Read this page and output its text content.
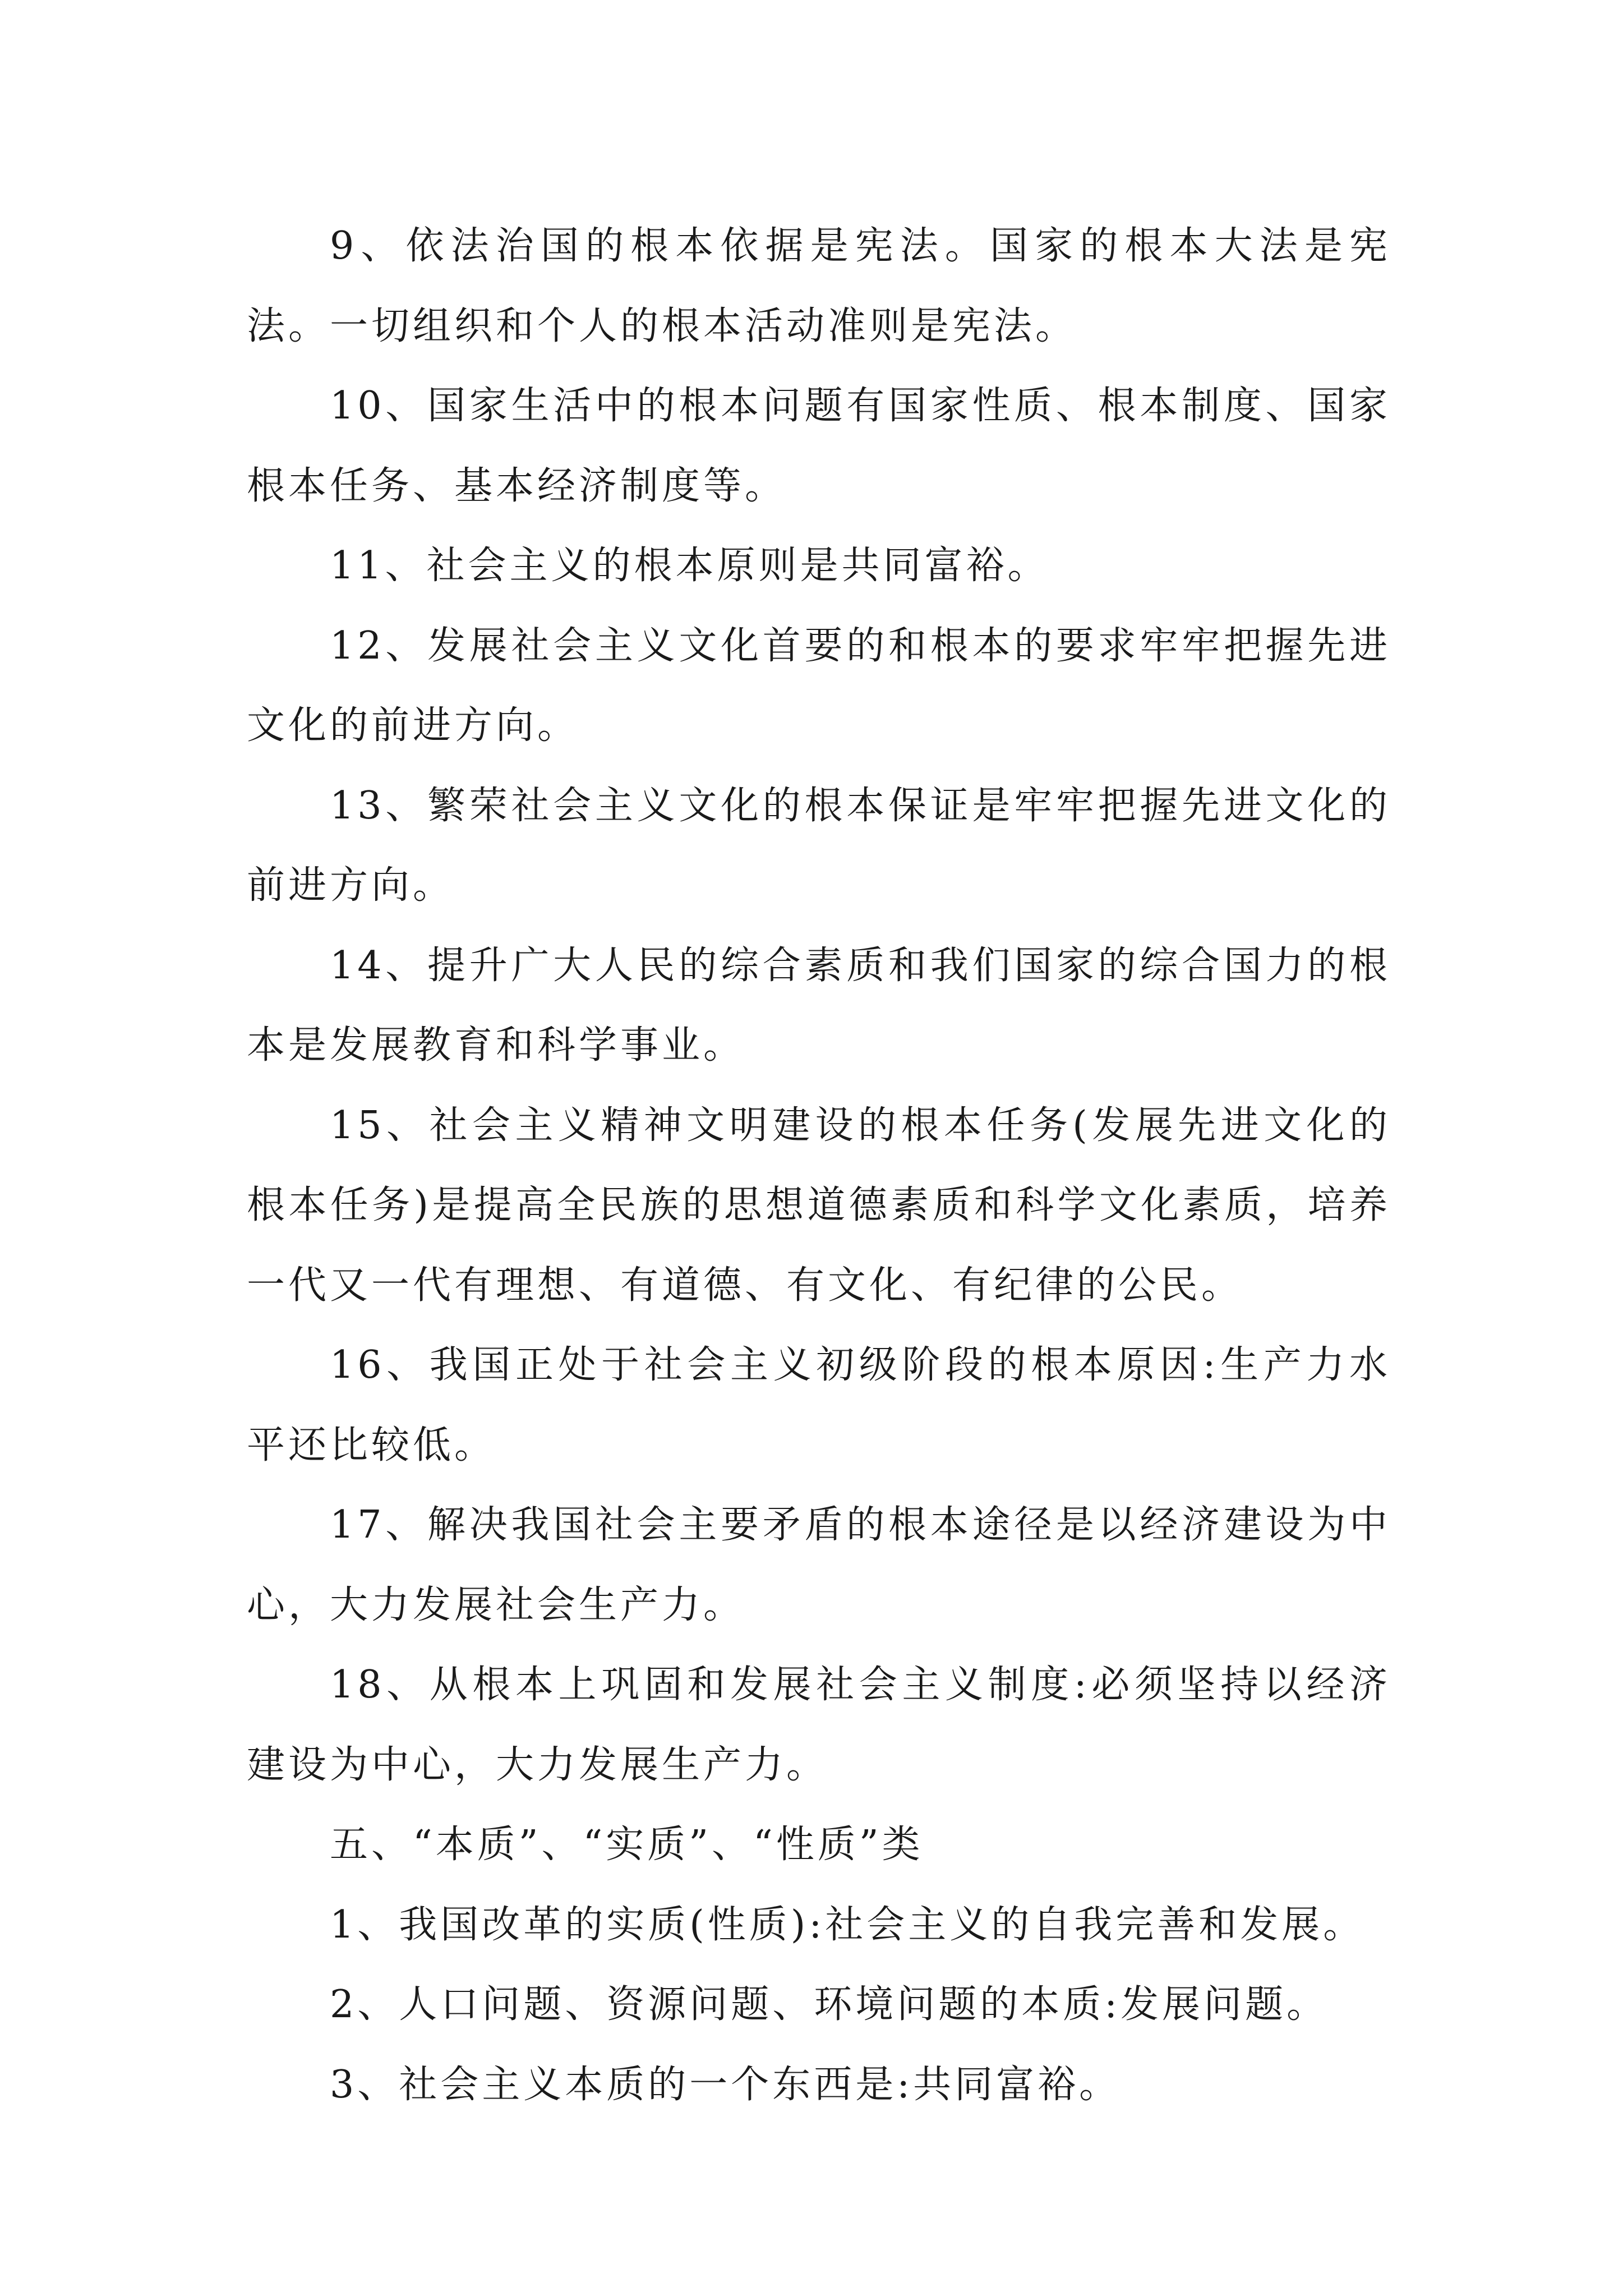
9、依法治国的根本依据是宪法。国家的根本大法是宪法。一切组织和个人的根本活动准则是宪法。

10、国家生活中的根本问题有国家性质、根本制度、国家根本任务、基本经济制度等。

11、社会主义的根本原则是共同富裕。

12、发展社会主义文化首要的和根本的要求牢牢把握先进文化的前进方向。

13、繁荣社会主义文化的根本保证是牢牢把握先进文化的前进方向。

14、提升广大人民的综合素质和我们国家的综合国力的根本是发展教育和科学事业。

15、社会主义精神文明建设的根本任务(发展先进文化的根本任务)是提高全民族的思想道德素质和科学文化素质，培养一代又一代有理想、有道德、有文化、有纪律的公民。

16、我国正处于社会主义初级阶段的根本原因:生产力水平还比较低。

17、解决我国社会主要矛盾的根本途径是以经济建设为中心，大力发展社会生产力。

18、从根本上巩固和发展社会主义制度:必须坚持以经济建设为中心，大力发展生产力。

五、“本质”、“实质”、“性质”类

1、我国改革的实质(性质):社会主义的自我完善和发展。

2、人口问题、资源问题、环境问题的本质:发展问题。

3、社会主义本质的一个东西是:共同富裕。
